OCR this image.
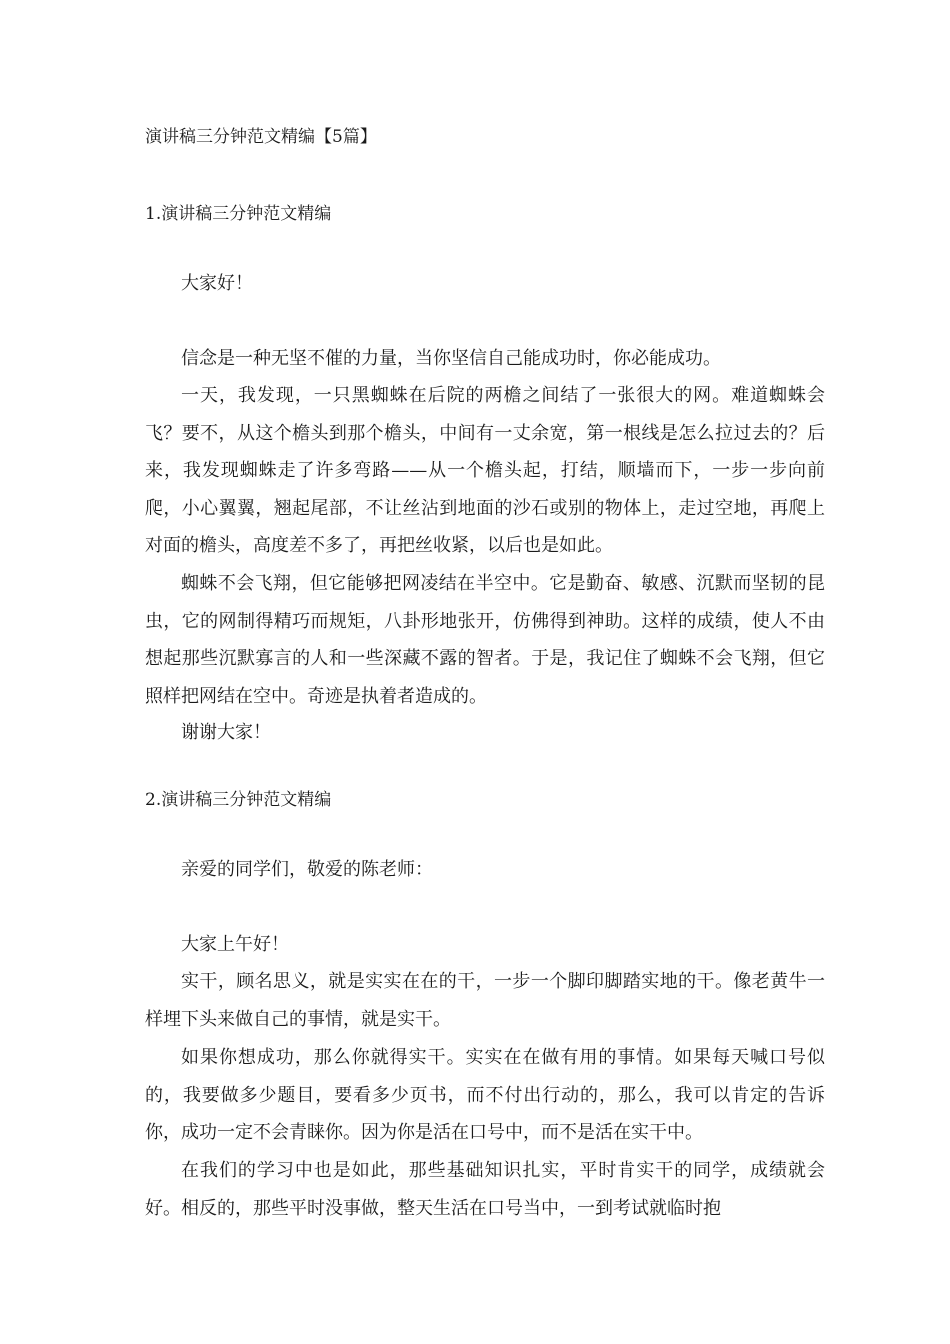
演讲稿三分钟范文精编【5篇】
1.演讲稿三分钟范文精编

大家好！

信念是一种无坚不催的力量，当你坚信自己能成功时，你必能成功。

一天，我发现，一只黑蜘蛛在后院的两檐之间结了一张很大的网。难道蜘蛛会飞？要不，从这个檐头到那个檐头，中间有一丈余宽，第一根线是怎么拉过去的？后来，我发现蜘蛛走了许多弯路——从一个檐头起，打结，顺墙而下，一步一步向前爬，小心翼翼，翘起尾部，不让丝沾到地面的沙石或别的物体上，走过空地，再爬上对面的檐头，高度差不多了，再把丝收紧，以后也是如此。

蜘蛛不会飞翔，但它能够把网凌结在半空中。它是勤奋、敏感、沉默而坚韧的昆虫，它的网制得精巧而规矩，八卦形地张开，仿佛得到神助。这样的成绩，使人不由想起那些沉默寡言的人和一些深藏不露的智者。于是，我记住了蜘蛛不会飞翔，但它照样把网结在空中。奇迹是执着者造成的。

谢谢大家！

2.演讲稿三分钟范文精编

亲爱的同学们，敬爱的陈老师：

大家上午好！

实干，顾名思义，就是实实在在的干，一步一个脚印脚踏实地的干。像老黄牛一样埋下头来做自己的事情，就是实干。

如果你想成功，那么你就得实干。实实在在做有用的事情。如果每天喊口号似的，我要做多少题目，要看多少页书，而不付出行动的，那么，我可以肯定的告诉你，成功一定不会青睐你。因为你是活在口号中，而不是活在实干中。

在我们的学习中也是如此，那些基础知识扎实，平时肯实干的同学，成绩就会好。相反的，那些平时没事做，整天生活在口号当中，一到考试就临时抱
